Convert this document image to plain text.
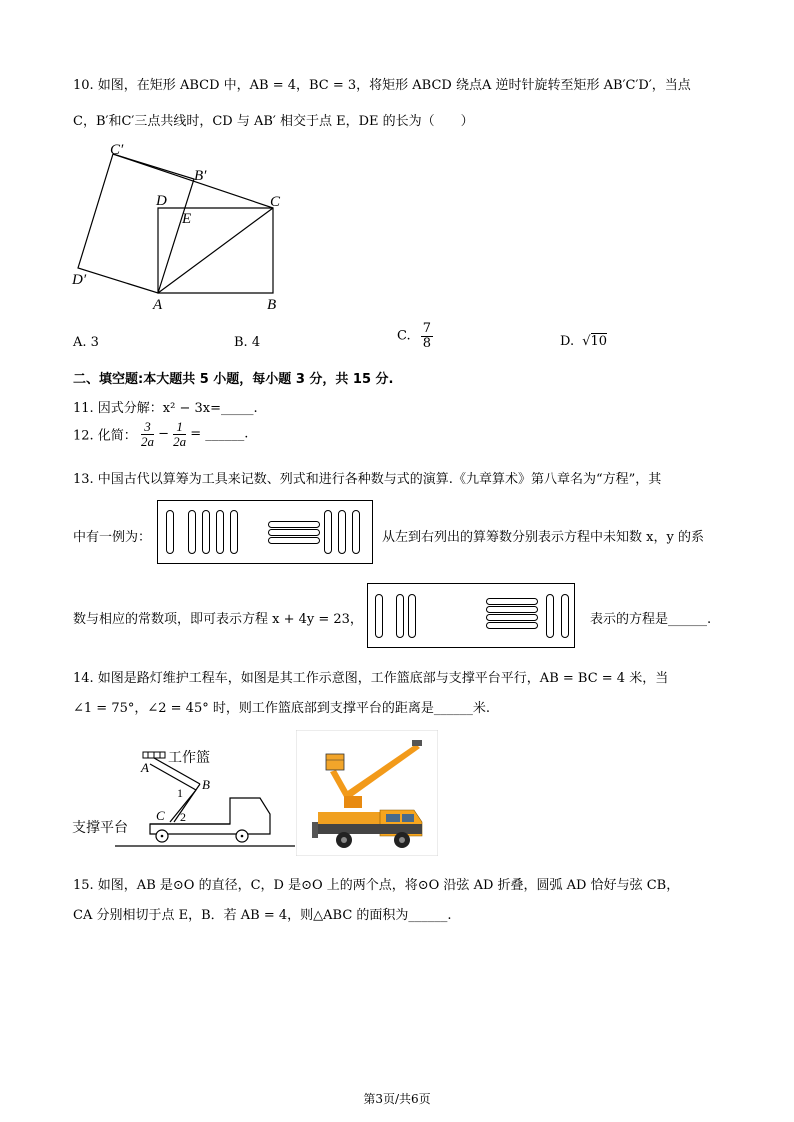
10. 如图，在矩形 ABCD 中，AB = 4，BC = 3，将矩形 ABCD 绕点A 逆时针旋转至矩形 AB′C′D′，当点
C，B′和C′三点共线时，CD 与 AB′ 相交于点 E，DE 的长为（　　）
C′
B′
D	C
E
D′
A	B
A. 3	B. 4	C. $\frac{7}{8}$	D. √10
二、填空题:本大题共 5 小题，每小题 3 分，共 15 分.
11. 因式分解：x² − 3x=_____.
12. 化简： $\frac{3}{2a} - \frac{1}{2a}$ = ______.
13. 中国古代以算筹为工具来记数、列式和进行各种数与式的演算.《九章算术》第八章名为“方程”，其
中有一例为：	从左到右列出的算筹数分别表示方程中未知数 x，y 的系
数与相应的常数项，即可表示方程 x + 4y = 23，	表示的方程是______.
14. 如图是路灯维护工程车，如图是其工作示意图，工作篮底部与支撑平台平行，AB = BC = 4 米，当
∠1 = 75°，∠2 = 45° 时，则工作篮底部到支撑平台的距离是______米.
工作篮
A
B
1
C 2
支撑平台
15. 如图，AB 是⊙O 的直径，C，D 是⊙O 上的两个点，将⊙O 沿弦 AD 折叠，圆弧 AD 恰好与弦 CB，
CA 分别相切于点 E，B．若 AB = 4，则△ABC 的面积为______.
第3页/共6页
